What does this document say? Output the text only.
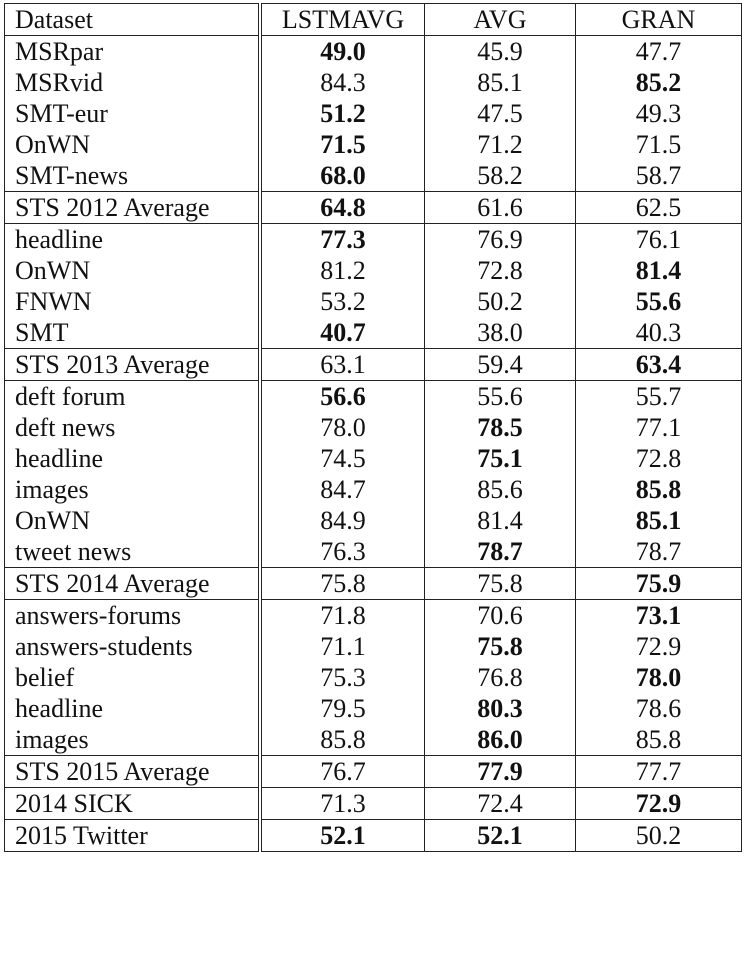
Dataset	LSTMAVG	AVG	GRAN
MSRpar	49.0	45.9	47.7
MSRvid	84.3	85.1	85.2
SMT-eur	51.2	47.5	49.3
OnWN	71.5	71.2	71.5
SMT-news	68.0	58.2	58.7
STS 2012 Average	64.8	61.6	62.5
headline	77.3	76.9	76.1
OnWN	81.2	72.8	81.4
FNWN	53.2	50.2	55.6
SMT	40.7	38.0	40.3
STS 2013 Average	63.1	59.4	63.4
deft forum	56.6	55.6	55.7
deft news	78.0	78.5	77.1
headline	74.5	75.1	72.8
images	84.7	85.6	85.8
OnWN	84.9	81.4	85.1
tweet news	76.3	78.7	78.7
STS 2014 Average	75.8	75.8	75.9
answers-forums	71.8	70.6	73.1
answers-students	71.1	75.8	72.9
belief	75.3	76.8	78.0
headline	79.5	80.3	78.6
images	85.8	86.0	85.8
STS 2015 Average	76.7	77.9	77.7
2014 SICK	71.3	72.4	72.9
2015 Twitter	52.1	52.1	50.2
